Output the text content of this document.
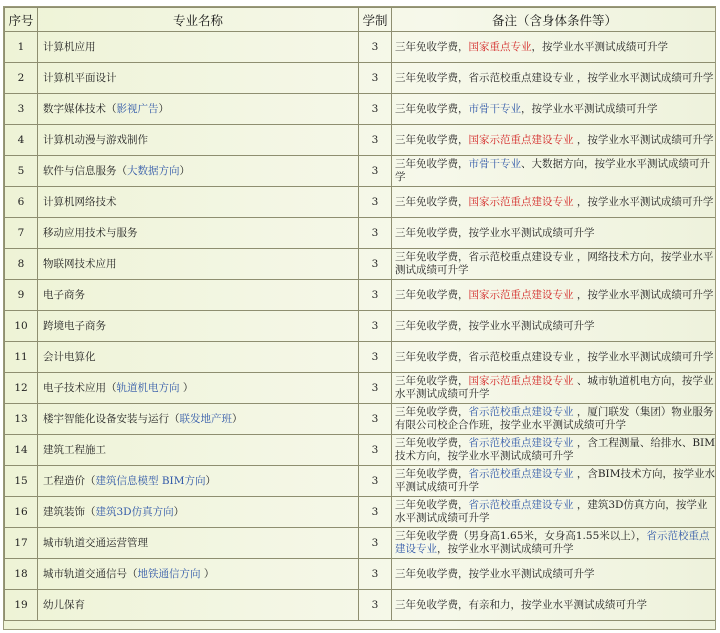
序号	专业名称	学制	备注（含身体条件等）
1	计算机应用	3	三年免收学费，国家重点专业，按学业水平测试成绩可升学
2	计算机平面设计	3	三年免收学费，省示范校重点建设专业 ，按学业水平测试成绩可升学
3	数字媒体技术（影视广告）	3	三年免收学费，市骨干专业，按学业水平测试成绩可升学
4	计算机动漫与游戏制作	3	三年免收学费，国家示范重点建设专业 ，按学业水平测试成绩可升学
5	软件与信息服务（大数据方向）	3	三年免收学费，市骨干专业、大数据方向，按学业水平测试成绩可升学
6	计算机网络技术	3	三年免收学费，国家示范重点建设专业 ，按学业水平测试成绩可升学
7	移动应用技术与服务	3	三年免收学费，按学业水平测试成绩可升学
8	物联网技术应用	3	三年免收学费，省示范校重点建设专业 ，网络技术方向，按学业水平测试成绩可升学
9	电子商务	3	三年免收学费，国家示范重点建设专业 ，按学业水平测试成绩可升学
10	跨境电子商务	3	三年免收学费，按学业水平测试成绩可升学
11	会计电算化	3	三年免收学费，省示范校重点建设专业 ，按学业水平测试成绩可升学
12	电子技术应用（轨道机电方向 ）	3	三年免收学费，国家示范重点建设专业 、城市轨道机电方向，按学业水平测试成绩可升学
13	楼宇智能化设备安装与运行（联发地产班）	3	三年免收学费，省示范校重点建设专业 ，厦门联发（集团）物业服务有限公司校企合作班，按学业水平测试成绩可升学
14	建筑工程施工	3	三年免收学费，省示范校重点建设专业 ，含工程测量、给排水、BIM技术方向，按学业水平测试成绩可升学
15	工程造价（建筑信息模型 BIM方向）	3	三年免收学费，省示范校重点建设专业 ，含BIM技术方向，按学业水平测试成绩可升学
16	建筑装饰（建筑3D仿真方向）	3	三年免收学费，省示范校重点建设专业 ，建筑3D仿真方向，按学业水平测试成绩可升学
17	城市轨道交通运营管理	3	三年免收学费（男身高1.65米，女身高1.55米以上），省示范校重点建设专业，按学业水平测试成绩可升学
18	城市轨道交通信号（地铁通信方向 ）	3	三年免收学费，按学业水平测试成绩可升学
19	幼儿保育	3	三年免收学费，有亲和力，按学业水平测试成绩可升学
